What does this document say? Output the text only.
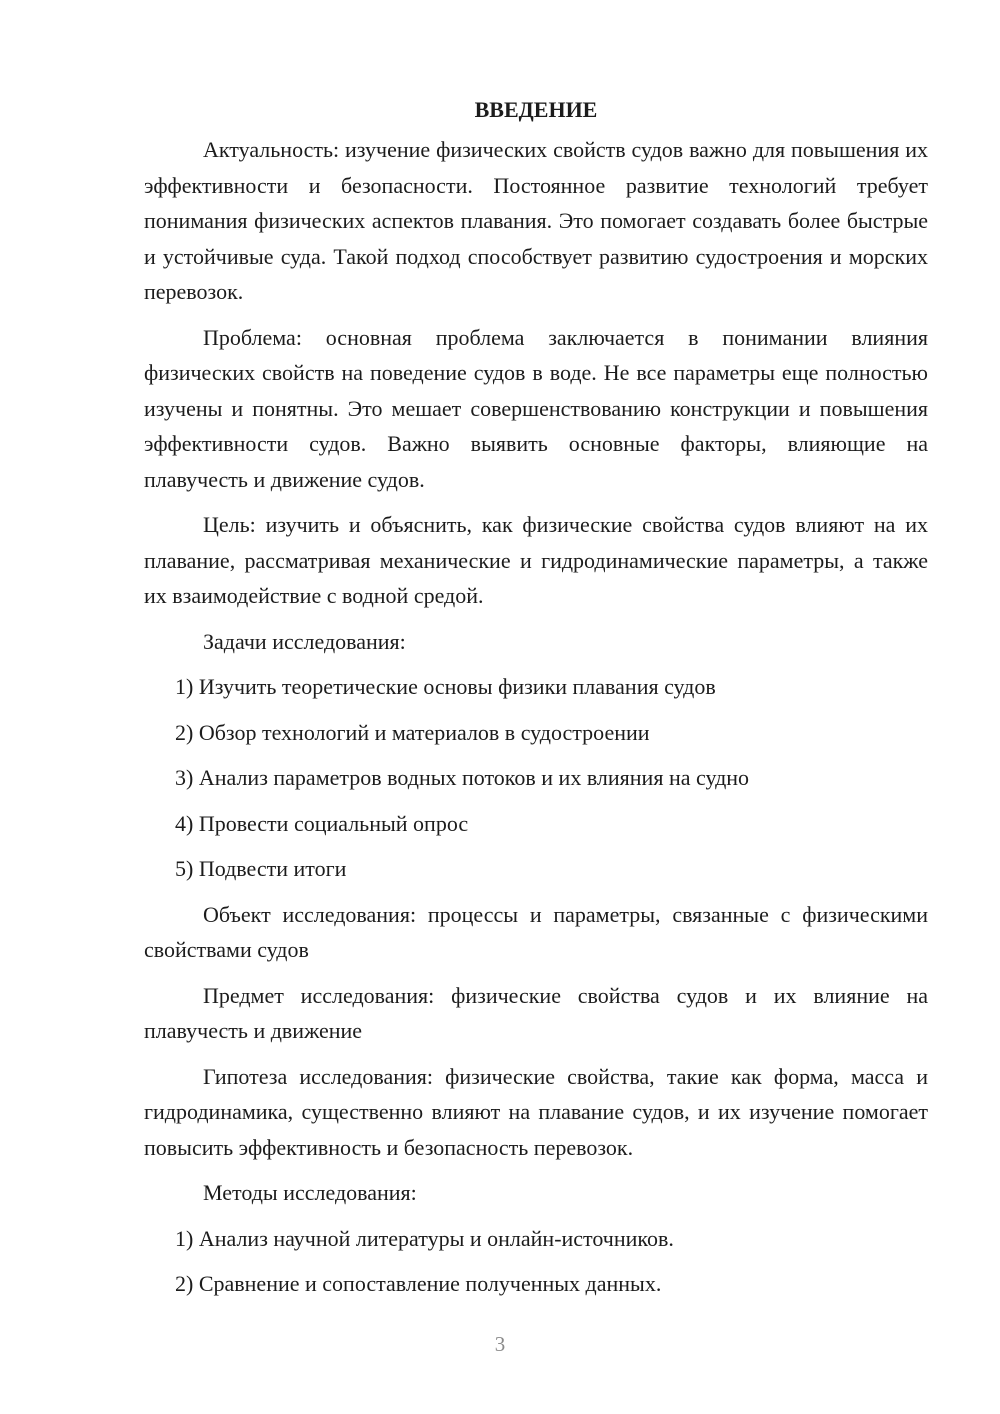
ВВЕДЕНИЕ

Актуальность: изучение физических свойств судов важно для повышения их эффективности и безопасности. Постоянное развитие технологий требует понимания физических аспектов плавания. Это помогает создавать более быстрые и устойчивые суда. Такой подход способствует развитию судостроения и морских перевозок.

Проблема: основная проблема заключается в понимании влияния физических свойств на поведение судов в воде. Не все параметры еще полностью изучены и понятны. Это мешает совершенствованию конструкции и повышения эффективности судов. Важно выявить основные факторы, влияющие на плавучесть и движение судов.

Цель: изучить и объяснить, как физические свойства судов влияют на их плавание, рассматривая механические и гидродинамические параметры, а также их взаимодействие с водной средой.

Задачи исследования:

1) Изучить теоретические основы физики плавания судов

2) Обзор технологий и материалов в судостроении

3) Анализ параметров водных потоков и их влияния на судно

4) Провести социальный опрос

5) Подвести итоги

Объект исследования: процессы и параметры, связанные с физическими свойствами судов

Предмет исследования: физические свойства судов и их влияние на плавучесть и движение

Гипотеза исследования: физические свойства, такие как форма, масса и гидродинамика, существенно влияют на плавание судов, и их изучение помогает повысить эффективность и безопасность перевозок.

Методы исследования:

1) Анализ научной литературы и онлайн-источников.

2) Сравнение и сопоставление полученных данных.

3
